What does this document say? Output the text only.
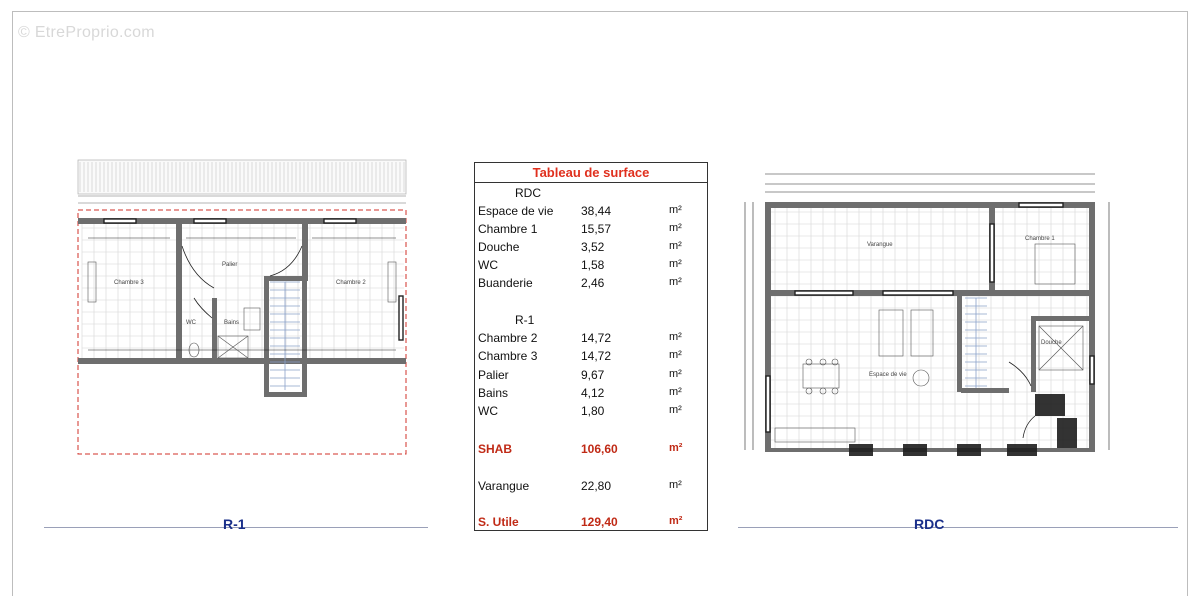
© EtreProprio.com
Chambre 3
Palier
Chambre 2
WC	Bains
R-1
Tableau de surface
RDC
Espace de vie 38,44	m²
Chambre 1	15,57	m²
Douche	3,52	m²
WC	1,58	m²
Buanderie	2,46	m²
R-1
Chambre 2	14,72	m²
Chambre 3	14,72	m²
Palier	9,67	m²
Bains	4,12	m²
WC	1,80	m²
SHAB	106,60	m²
Varangue	22,80	m²
S. Utile	129,40	m²
Varangue
Chambre 1
Espace de vie
Douche
RDC
